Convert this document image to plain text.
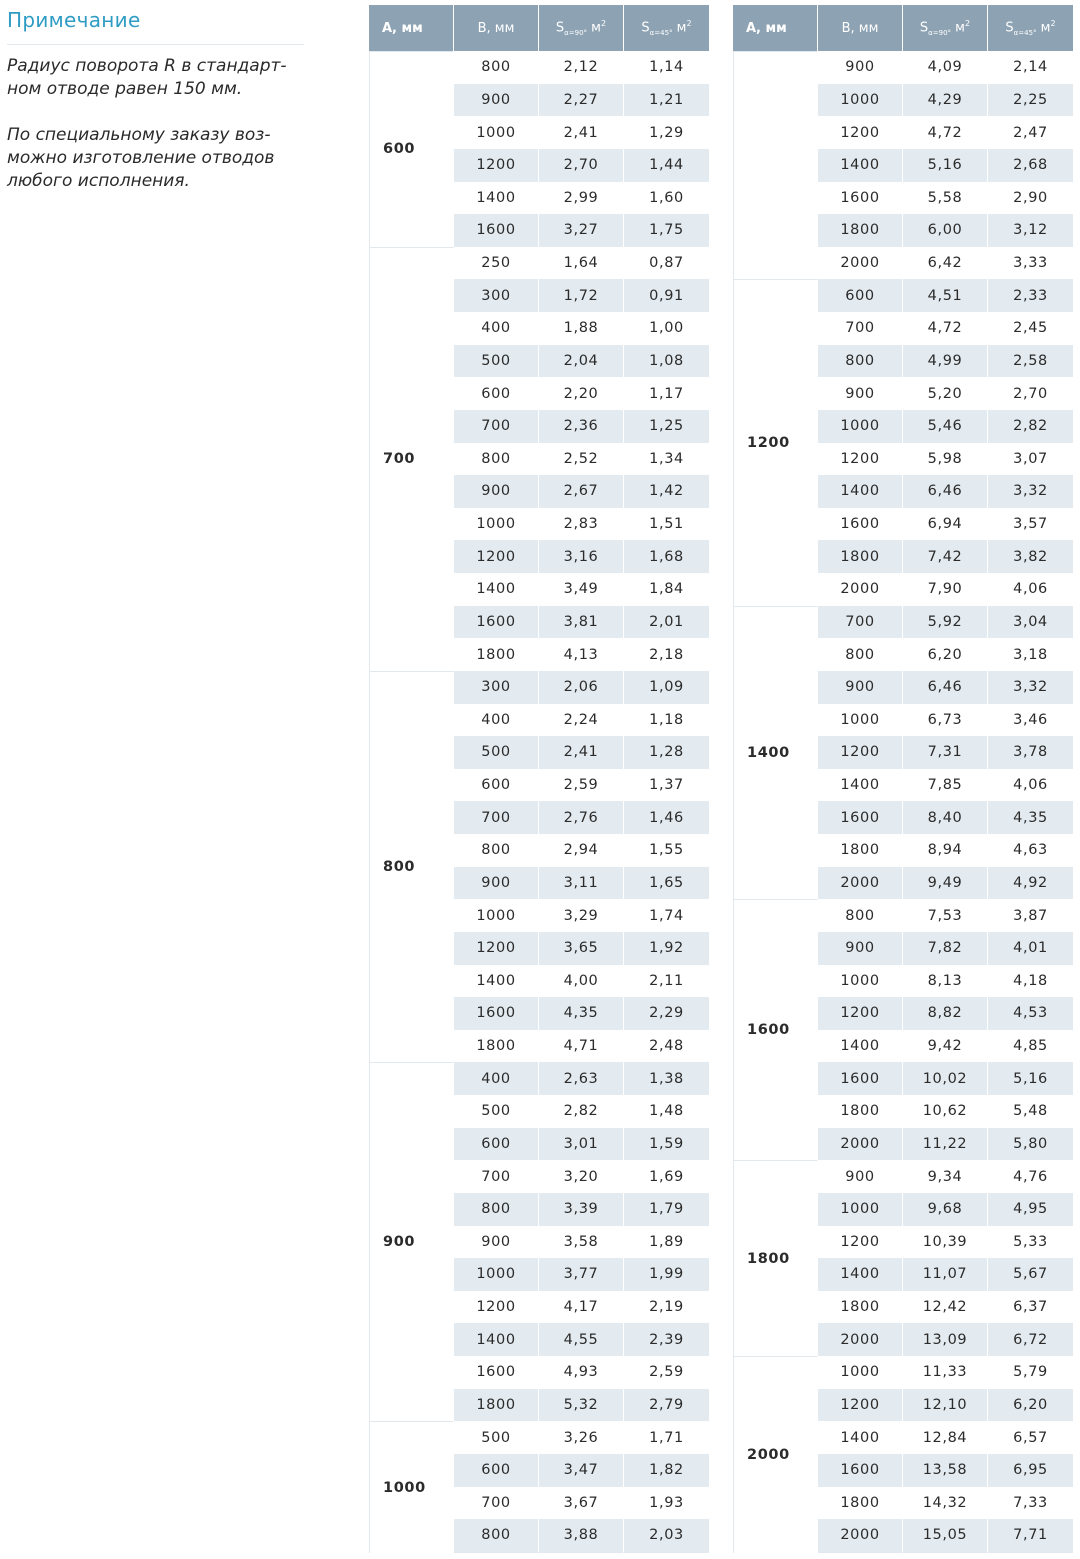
Примечание

Радиус поворота R в стандарт-ном отводе равен 150 мм.

По специальному заказу воз-можно изготовление отводов любого исполнения.

А, мм	В, мм	$S_{\alpha=90^\circ}$ $м^2$	$S_{\alpha=45^\circ}$ $м^2$
600	800	2,12	1,14
	900	2,27	1,21
	1000	2,41	1,29
	1200	2,70	1,44
	1400	2,99	1,60
	1600	3,27	1,75
700	250	1,64	0,87
	300	1,72	0,91
	400	1,88	1,00
	500	2,04	1,08
	600	2,20	1,17
	700	2,36	1,25
	800	2,52	1,34
	900	2,67	1,42
	1000	2,83	1,51
	1200	3,16	1,68
	1400	3,49	1,84
	1600	3,81	2,01
	1800	4,13	2,18
800	300	2,06	1,09
	400	2,24	1,18
	500	2,41	1,28
	600	2,59	1,37
	700	2,76	1,46
	800	2,94	1,55
	900	3,11	1,65
	1000	3,29	1,74
	1200	3,65	1,92
	1400	4,00	2,11
	1600	4,35	2,29
	1800	4,71	2,48
900	400	2,63	1,38
	500	2,82	1,48
	600	3,01	1,59
	700	3,20	1,69
	800	3,39	1,79
	900	3,58	1,89
	1000	3,77	1,99
	1200	4,17	2,19
	1400	4,55	2,39
	1600	4,93	2,59
	1800	5,32	2,79
1000	500	3,26	1,71
	600	3,47	1,82
	700	3,67	1,93
	800	3,88	2,03
А, мм	В, мм	$S_{\alpha=90^\circ}$ $м^2$	$S_{\alpha=45^\circ}$ $м^2$
	900	4,09	2,14
	1000	4,29	2,25
	1200	4,72	2,47
	1400	5,16	2,68
	1600	5,58	2,90
	1800	6,00	3,12
	2000	6,42	3,33
1200	600	4,51	2,33
	700	4,72	2,45
	800	4,99	2,58
	900	5,20	2,70
	1000	5,46	2,82
	1200	5,98	3,07
	1400	6,46	3,32
	1600	6,94	3,57
	1800	7,42	3,82
	2000	7,90	4,06
1400	700	5,92	3,04
	800	6,20	3,18
	900	6,46	3,32
	1000	6,73	3,46
	1200	7,31	3,78
	1400	7,85	4,06
	1600	8,40	4,35
	1800	8,94	4,63
	2000	9,49	4,92
1600	800	7,53	3,87
	900	7,82	4,01
	1000	8,13	4,18
	1200	8,82	4,53
	1400	9,42	4,85
	1600	10,02	5,16
	1800	10,62	5,48
	2000	11,22	5,80
1800	900	9,34	4,76
	1000	9,68	4,95
	1200	10,39	5,33
	1400	11,07	5,67
	1800	12,42	6,37
	2000	13,09	6,72
2000	1000	11,33	5,79
	1200	12,10	6,20
	1400	12,84	6,57
	1600	13,58	6,95
	1800	14,32	7,33
	2000	15,05	7,71
